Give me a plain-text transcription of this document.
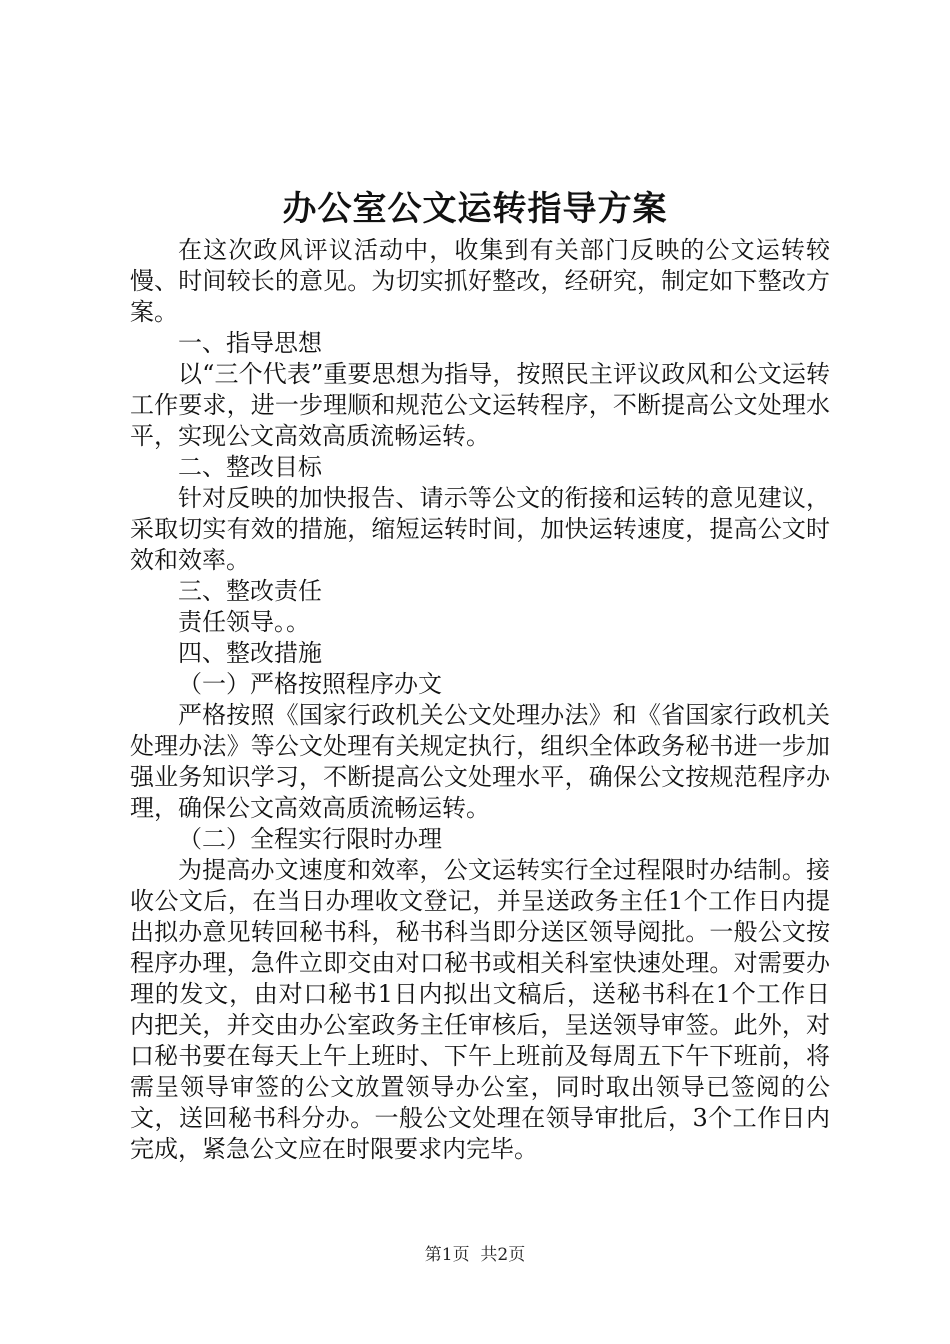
办公室公文运转指导方案

在这次政风评议活动中，收集到有关部门反映的公文运转较慢、时间较长的意见。为切实抓好整改，经研究，制定如下整改方案。

一、指导思想

以“三个代表”重要思想为指导，按照民主评议政风和公文运转工作要求，进一步理顺和规范公文运转程序，不断提高公文处理水平，实现公文高效高质流畅运转。

二、整改目标

针对反映的加快报告、请示等公文的衔接和运转的意见建议，采取切实有效的措施，缩短运转时间，加快运转速度，提高公文时效和效率。

三、整改责任

责任领导。。

四、整改措施

（一）严格按照程序办文

严格按照《国家行政机关公文处理办法》和《省国家行政机关处理办法》等公文处理有关规定执行，组织全体政务秘书进一步加强业务知识学习，不断提高公文处理水平，确保公文按规范程序办理，确保公文高效高质流畅运转。

（二）全程实行限时办理

为提高办文速度和效率，公文运转实行全过程限时办结制。接收公文后，在当日办理收文登记，并呈送政务主任1个工作日内提出拟办意见转回秘书科，秘书科当即分送区领导阅批。一般公文按程序办理，急件立即交由对口秘书或相关科室快速处理。对需要办理的发文，由对口秘书1日内拟出文稿后，送秘书科在1个工作日内把关，并交由办公室政务主任审核后，呈送领导审签。此外，对口秘书要在每天上午上班时、下午上班前及每周五下午下班前，将需呈领导审签的公文放置领导办公室，同时取出领导已签阅的公文，送回秘书科分办。一般公文处理在领导审批后，3个工作日内完成，紧急公文应在时限要求内完毕。

第1页 共2页
